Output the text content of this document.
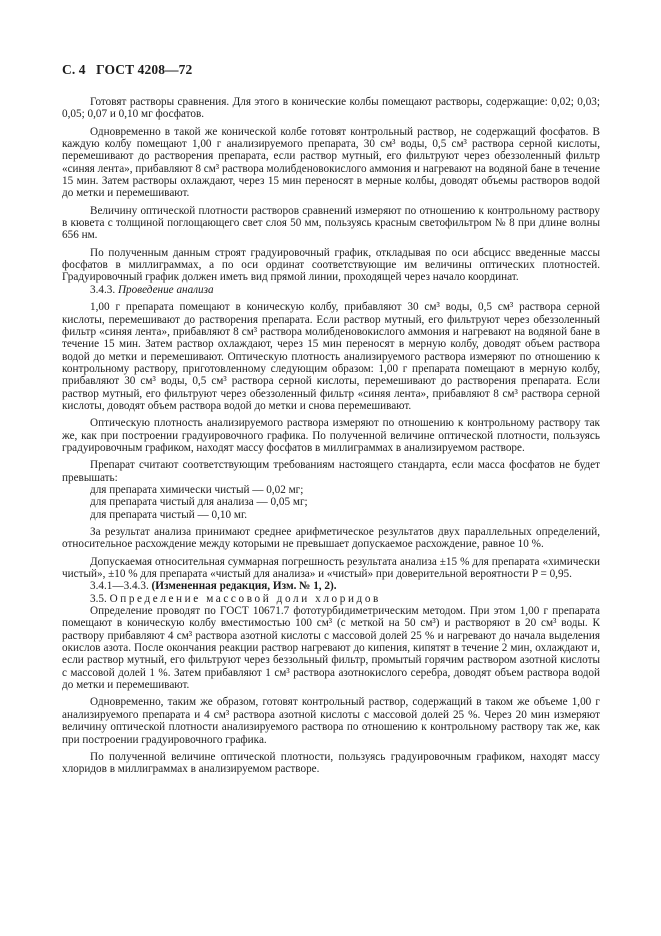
С. 4 ГОСТ 4208—72

Готовят растворы сравнения. Для этого в конические колбы помещают растворы, содержащие: 0,02; 0,03; 0,05; 0,07 и 0,10 мг фосфатов.

Одновременно в такой же конической колбе готовят контрольный раствор, не содержащий фосфатов. В каждую колбу помещают 1,00 г анализируемого препарата, 30 см³ воды, 0,5 см³ раствора серной кислоты, перемешивают до растворения препарата, если раствор мутный, его фильтруют через обеззоленный фильтр «синяя лента», прибавляют 8 см³ раствора молибденовокислого аммония и нагревают на водяной бане в течение 15 мин. Затем растворы охлаждают, через 15 мин переносят в мерные колбы, доводят объемы растворов водой до метки и перемешивают.

Величину оптической плотности растворов сравнений измеряют по отношению к контрольному раствору в кювета с толщиной поглощающего свет слоя 50 мм, пользуясь красным светофильтром № 8 при длине волны 656 нм.

По полученным данным строят градуировочный график, откладывая по оси абсцисс введенные массы фосфатов в миллиграммах, а по оси ординат соответствующие им величины оптических плотностей. Градуировочный график должен иметь вид прямой линии, проходящей через начало координат.

3.4.3. Проведение анализа

1,00 г препарата помещают в коническую колбу, прибавляют 30 см³ воды, 0,5 см³ раствора серной кислоты, перемешивают до растворения препарата. Если раствор мутный, его фильтруют через обеззоленный фильтр «синяя лента», прибавляют 8 см³ раствора молибденовокислого аммония и нагревают на водяной бане в течение 15 мин. Затем раствор охлаждают, через 15 мин переносят в мерную колбу, доводят объем раствора водой до метки и перемешивают. Оптическую плотность анализируемого раствора измеряют по отношению к контрольному раствору, приготовленному следующим образом: 1,00 г препарата помещают в мерную колбу, прибавляют 30 см³ воды, 0,5 см³ раствора серной кислоты, перемешивают до растворения препарата. Если раствор мутный, его фильтруют через обеззоленный фильтр «синяя лента», прибавляют 8 см³ раствора серной кислоты, доводят объем раствора водой до метки и снова перемешивают.

Оптическую плотность анализируемого раствора измеряют по отношению к контрольному раствору так же, как при построении градуировочного графика. По полученной величине оптической плотности, пользуясь градуировочным графиком, находят массу фосфатов в миллиграммах в анализируемом растворе.

Препарат считают соответствующим требованиям настоящего стандарта, если масса фосфатов не будет превышать:

для препарата химически чистый — 0,02 мг;

для препарата чистый для анализа — 0,05 мг;

для препарата чистый — 0,10 мг.

За результат анализа принимают среднее арифметическое результатов двух параллельных определений, относительное расхождение между которыми не превышает допускаемое расхождение, равное 10 %.

Допускаемая относительная суммарная погрешность результата анализа ±15 % для препарата «химически чистый», ±10 % для препарата «чистый для анализа» и «чистый» при доверительной вероятности P = 0,95.

3.4.1—3.4.3. (Измененная редакция, Изм. № 1, 2).

3.5. Определение массовой доли хлоридов

Определение проводят по ГОСТ 10671.7 фототурбидиметрическим методом. При этом 1,00 г препарата помещают в коническую колбу вместимостью 100 см³ (с меткой на 50 см³) и растворяют в 20 см³ воды. К раствору прибавляют 4 см³ раствора азотной кислоты с массовой долей 25 % и нагревают до начала выделения окислов азота. После окончания реакции раствор нагревают до кипения, кипятят в течение 2 мин, охлаждают и, если раствор мутный, его фильтруют через беззольный фильтр, промытый горячим раствором азотной кислоты с массовой долей 1 %. Затем прибавляют 1 см³ раствора азотнокислого серебра, доводят объем раствора водой до метки и перемешивают.

Одновременно, таким же образом, готовят контрольный раствор, содержащий в таком же объеме 1,00 г анализируемого препарата и 4 см³ раствора азотной кислоты с массовой долей 25 %. Через 20 мин измеряют величину оптической плотности анализируемого раствора по отношению к контрольному раствору так же, как при построении градуировочного графика.

По полученной величине оптической плотности, пользуясь градуировочным графиком, находят массу хлоридов в миллиграммах в анализируемом растворе.
